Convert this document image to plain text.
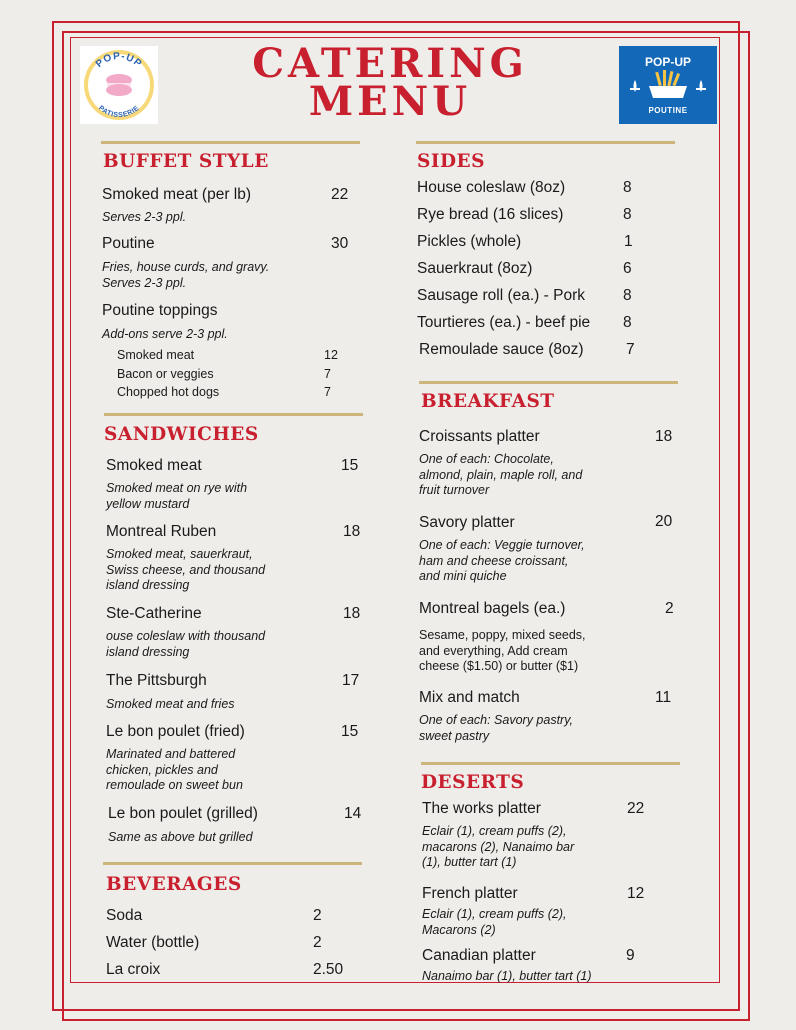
POP-UP
PATISSERIE
POP-UP
POUTINE
CATERING
MENU
BUFFET STYLE
Smoked meat (per lb)	22
Serves 2-3 ppl.
Poutine	30
Fries, house curds, and gravy.
Serves 2-3 ppl.
Poutine toppings
Add-ons serve 2-3 ppl.
Smoked meat	12
Bacon or veggies	7
Chopped hot dogs	7
SANDWICHES
Smoked meat	15
Smoked meat on rye with
yellow mustard
Montreal Ruben	18
Smoked meat, sauerkraut,
Swiss cheese, and thousand
island dressing
Ste-Catherine	18
ouse coleslaw with thousand
island dressing
The Pittsburgh	17
Smoked meat and fries
Le bon poulet (fried)	15
Marinated and battered
chicken, pickles and
remoulade on sweet bun
Le bon poulet (grilled)	14
Same as above but grilled
BEVERAGES
Soda	2
Water (bottle)	2
La croix	2.50
SIDES
House coleslaw (8oz)	8
Rye bread (16 slices)	8
Pickles (whole)	1
Sauerkraut (8oz)	6
Sausage roll (ea.) - Pork 8
Tourtieres (ea.) - beef pie 8
Remoulade sauce (8oz)	7
BREAKFAST
Croissants platter	18
One of each: Chocolate,
almond, plain, maple roll, and
fruit turnover
Savory platter	20
One of each: Veggie turnover,
ham and cheese croissant,
and mini quiche
Montreal bagels (ea.)	2
Sesame, poppy, mixed seeds,
and everything, Add cream
cheese ($1.50) or butter ($1)
Mix and match	11
One of each: Savory pastry,
sweet pastry
DESERTS
The works platter	22
Eclair (1), cream puffs (2),
macarons (2), Nanaimo bar
(1), butter tart (1)
French platter	12
Eclair (1), cream puffs (2),
Macarons (2)
Canadian platter	9
Nanaimo bar (1), butter tart (1)
